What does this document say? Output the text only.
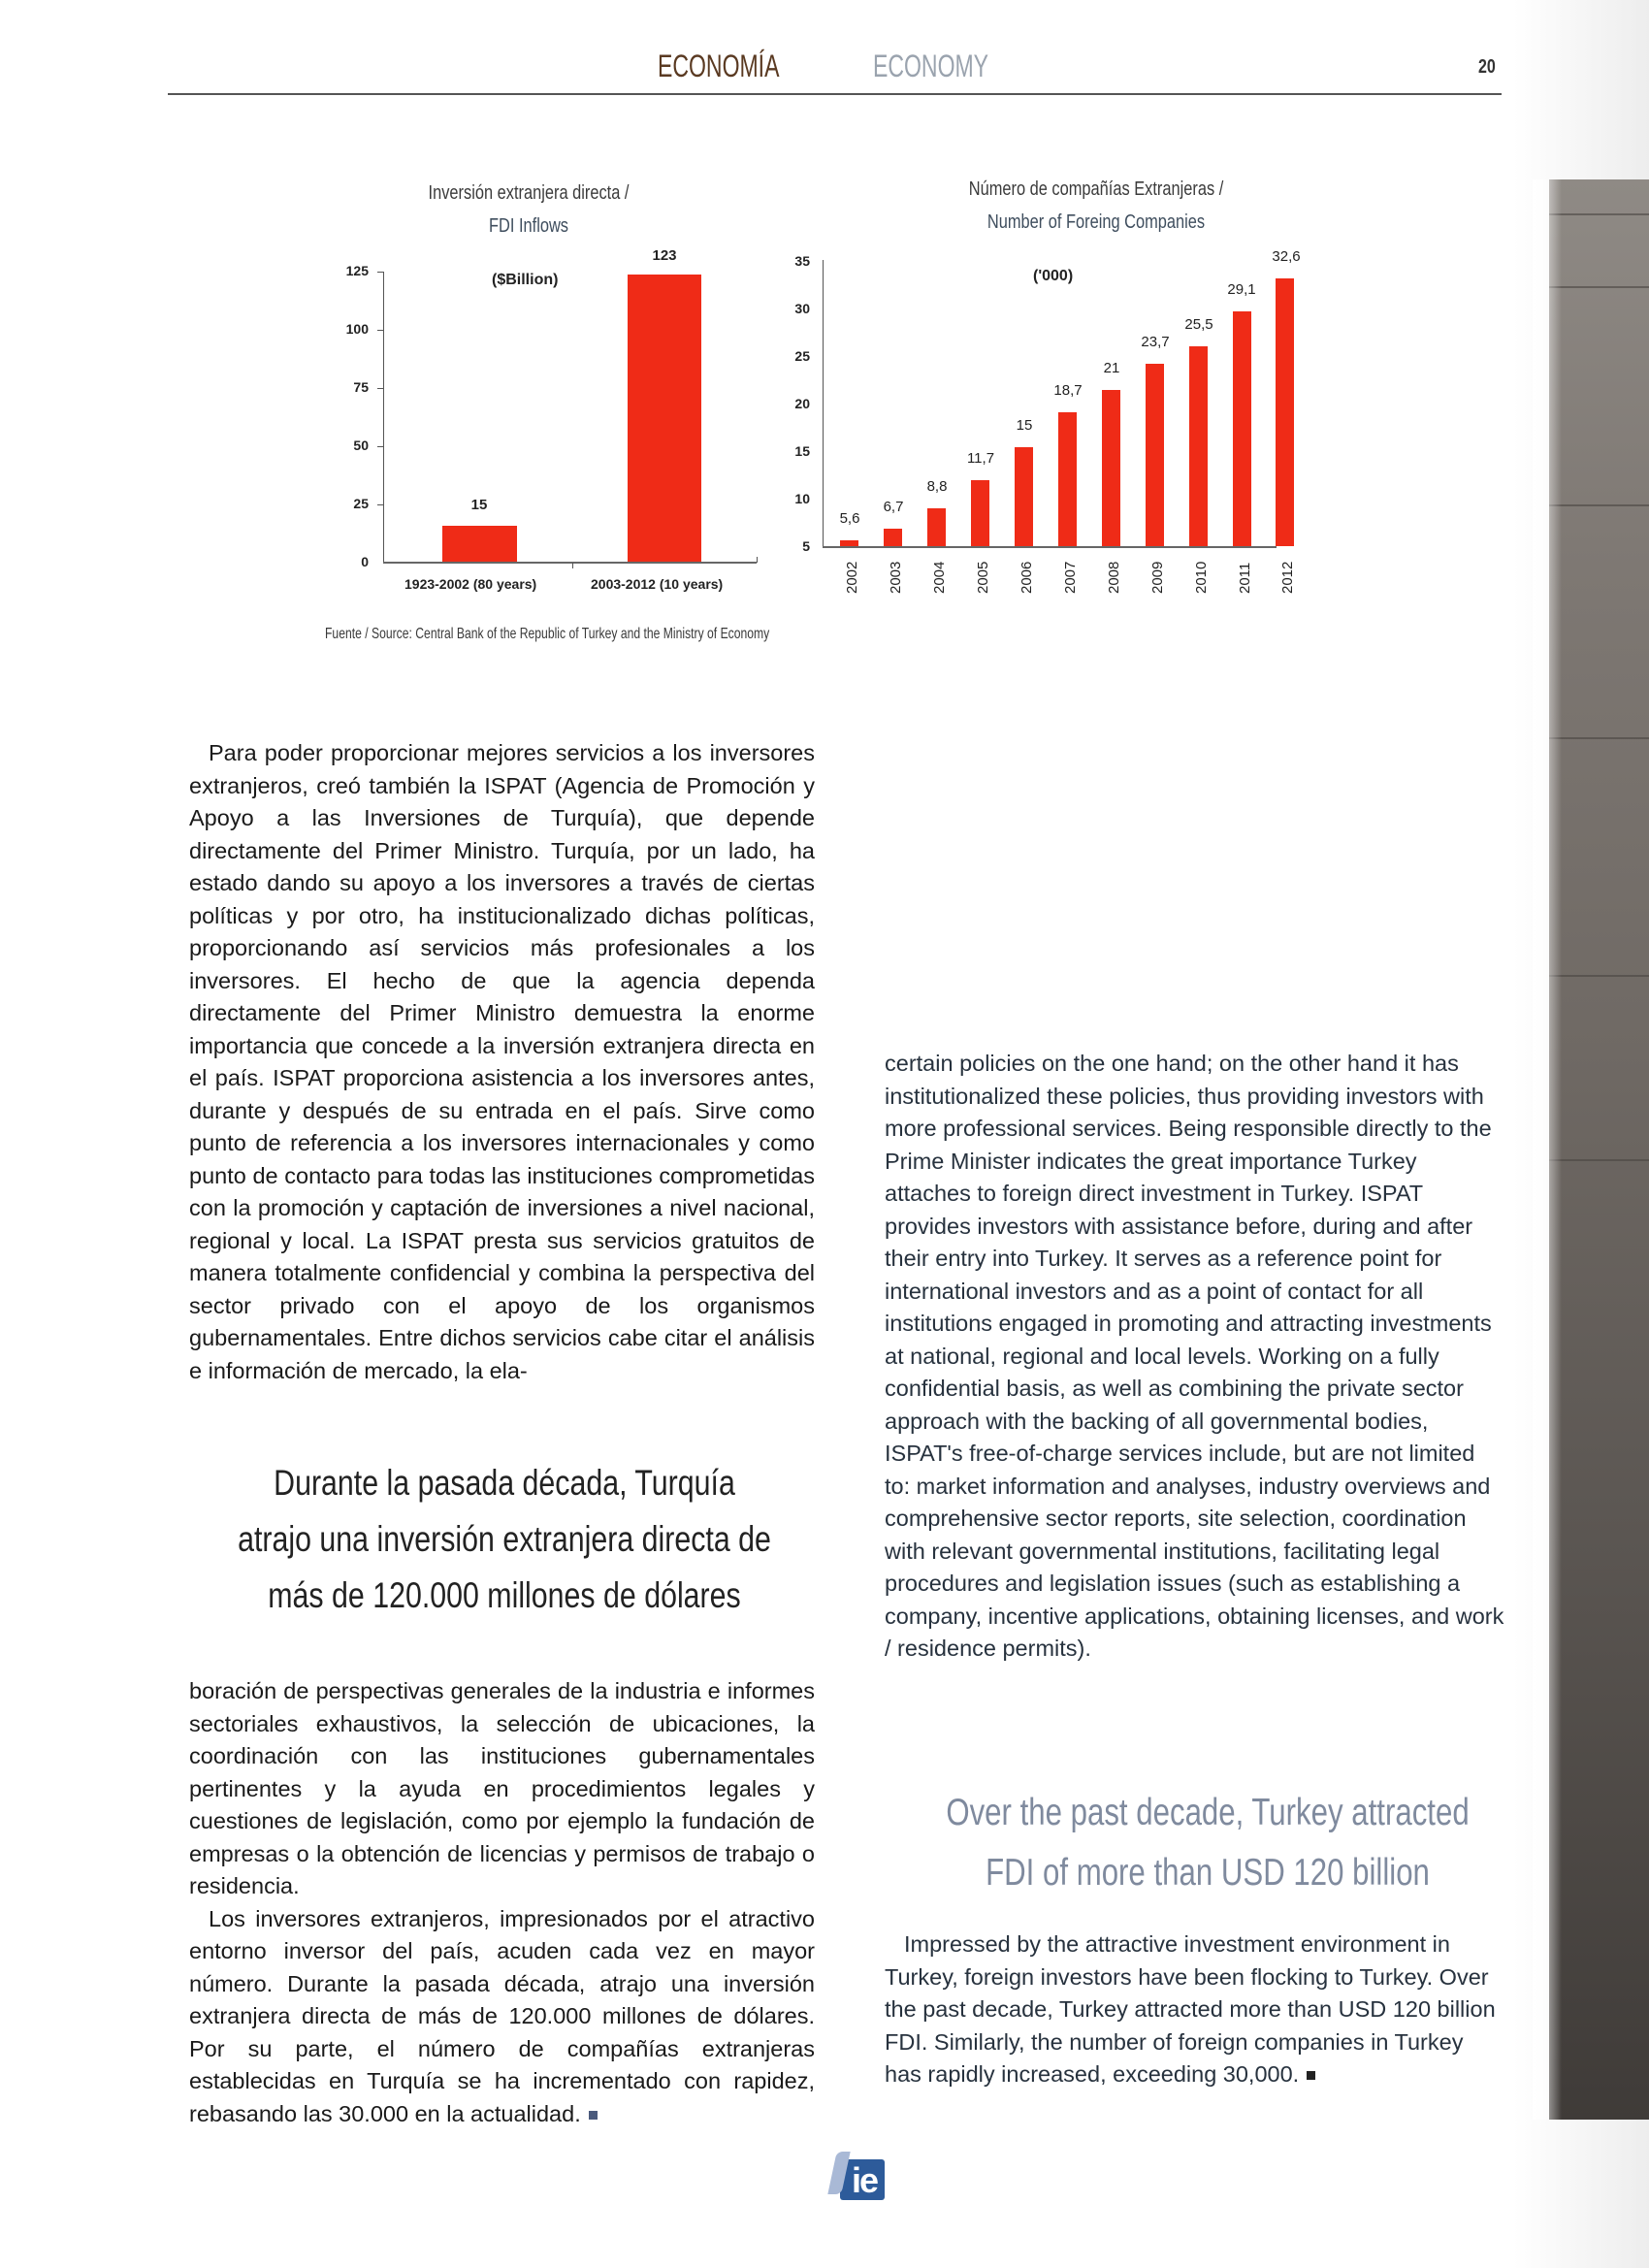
ECONOMÍA	ECONOMY	20
Inversión extranjera directa /
FDI Inflows
($Billion)
125
100
75
50
25
0
15
123
1923-2002 (80 years)	2003-2012 (10 years)
Número de compañías Extranjeras /
Number of Foreing Companies
('000)
35
30
25
20
15
10
5
5,6
6,7
8,8
11,7
15
18,7
21
23,7
25,5
29,1
32,6
2002 2003 2004 2005 2006 2007 2008 2009 2010 2011 2012
Fuente / Source: Central Bank of the Republic of Turkey and the Ministry of Economy

Para poder proporcionar mejores servicios a los inversores extranjeros, creó también la ISPAT (Agencia de Promoción y Apoyo a las Inversiones de Turquía), que depende directamente del Primer Ministro. Turquía, por un lado, ha estado dando su apoyo a los inversores a través de ciertas políticas y por otro, ha institucionalizado dichas políticas, proporcionando así servicios más profesionales a los inversores. El hecho de que la agencia dependa directamente del Primer Ministro demuestra la enorme importancia que concede a la inversión extranjera directa en el país. ISPAT proporciona asistencia a los inversores antes, durante y después de su entrada en el país. Sirve como punto de referencia a los inversores internacionales y como punto de contacto para todas las instituciones comprometidas con la promoción y captación de inversiones a nivel nacional, regional y local. La ISPAT presta sus servicios gratuitos de manera totalmente confidencial y combina la perspectiva del sector privado con el apoyo de los organismos gubernamentales. Entre dichos servicios cabe citar el análisis e información de mercado, la ela-

Durante la pasada década, Turquía atrajo una inversión extranjera directa de más de 120.000 millones de dólares

boración de perspectivas generales de la industria e informes sectoriales exhaustivos, la selección de ubicaciones, la coordinación con las instituciones gubernamentales pertinentes y la ayuda en procedimientos legales y cuestiones de legislación, como por ejemplo la fundación de empresas o la obtención de licencias y permisos de trabajo o residencia.

Los inversores extranjeros, impresionados por el atractivo entorno inversor del país, acuden cada vez en mayor número. Durante la pasada década, atrajo una inversión extranjera directa de más de 120.000 millones de dólares. Por su parte, el número de compañías extranjeras establecidas en Turquía se ha incrementado con rapidez, rebasando las 30.000 en la actualidad.

certain policies on the one hand; on the other hand it has institutionalized these policies, thus providing investors with more professional services. Being responsible directly to the Prime Minister indicates the great importance Turkey attaches to foreign direct investment in Turkey. ISPAT provides investors with assistance before, during and after their entry into Turkey. It serves as a reference point for international investors and as a point of contact for all institutions engaged in promoting and attracting investments at national, regional and local levels. Working on a fully confidential basis, as well as combining the private sector approach with the backing of all governmental bodies, ISPAT's free-of-charge services include, but are not limited to: market information and analyses, industry overviews and comprehensive sector reports, site selection, coordination with relevant governmental institutions, facilitating legal procedures and legislation issues (such as establishing a company, incentive applications, obtaining licenses, and work / residence permits).

Over the past decade, Turkey attracted FDI of more than USD 120 billion

Impressed by the attractive investment environment in Turkey, foreign investors have been flocking to Turkey. Over the past decade, Turkey attracted more than USD 120 billion FDI. Similarly, the number of foreign companies in Turkey has rapidly increased, exceeding 30,000.

ie
